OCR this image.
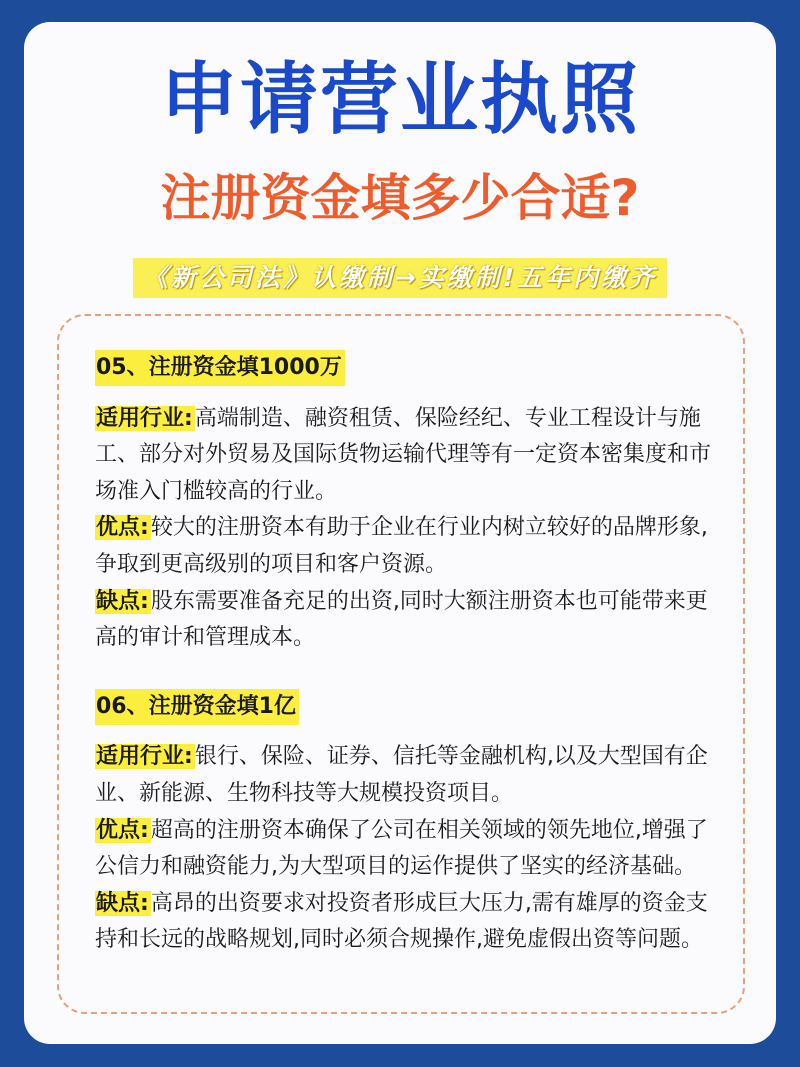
申请营业执照
注册资金填多少合适?
《新公司法》认缴制→实缴制!五年内缴齐
05、注册资金填1000万

适用行业:高端制造、融资租赁、保险经纪、专业工程设计与施工、部分对外贸易及国际货物运输代理等有一定资本密集度和市场准入门槛较高的行业。

优点:较大的注册资本有助于企业在行业内树立较好的品牌形象,争取到更高级别的项目和客户资源。

缺点:股东需要准备充足的出资,同时大额注册资本也可能带来更高的审计和管理成本。

06、注册资金填1亿

适用行业:银行、保险、证券、信托等金融机构,以及大型国有企业、新能源、生物科技等大规模投资项目。

优点:超高的注册资本确保了公司在相关领域的领先地位,增强了公信力和融资能力,为大型项目的运作提供了坚实的经济基础。

缺点:高昂的出资要求对投资者形成巨大压力,需有雄厚的资金支持和长远的战略规划,同时必须合规操作,避免虚假出资等问题。
